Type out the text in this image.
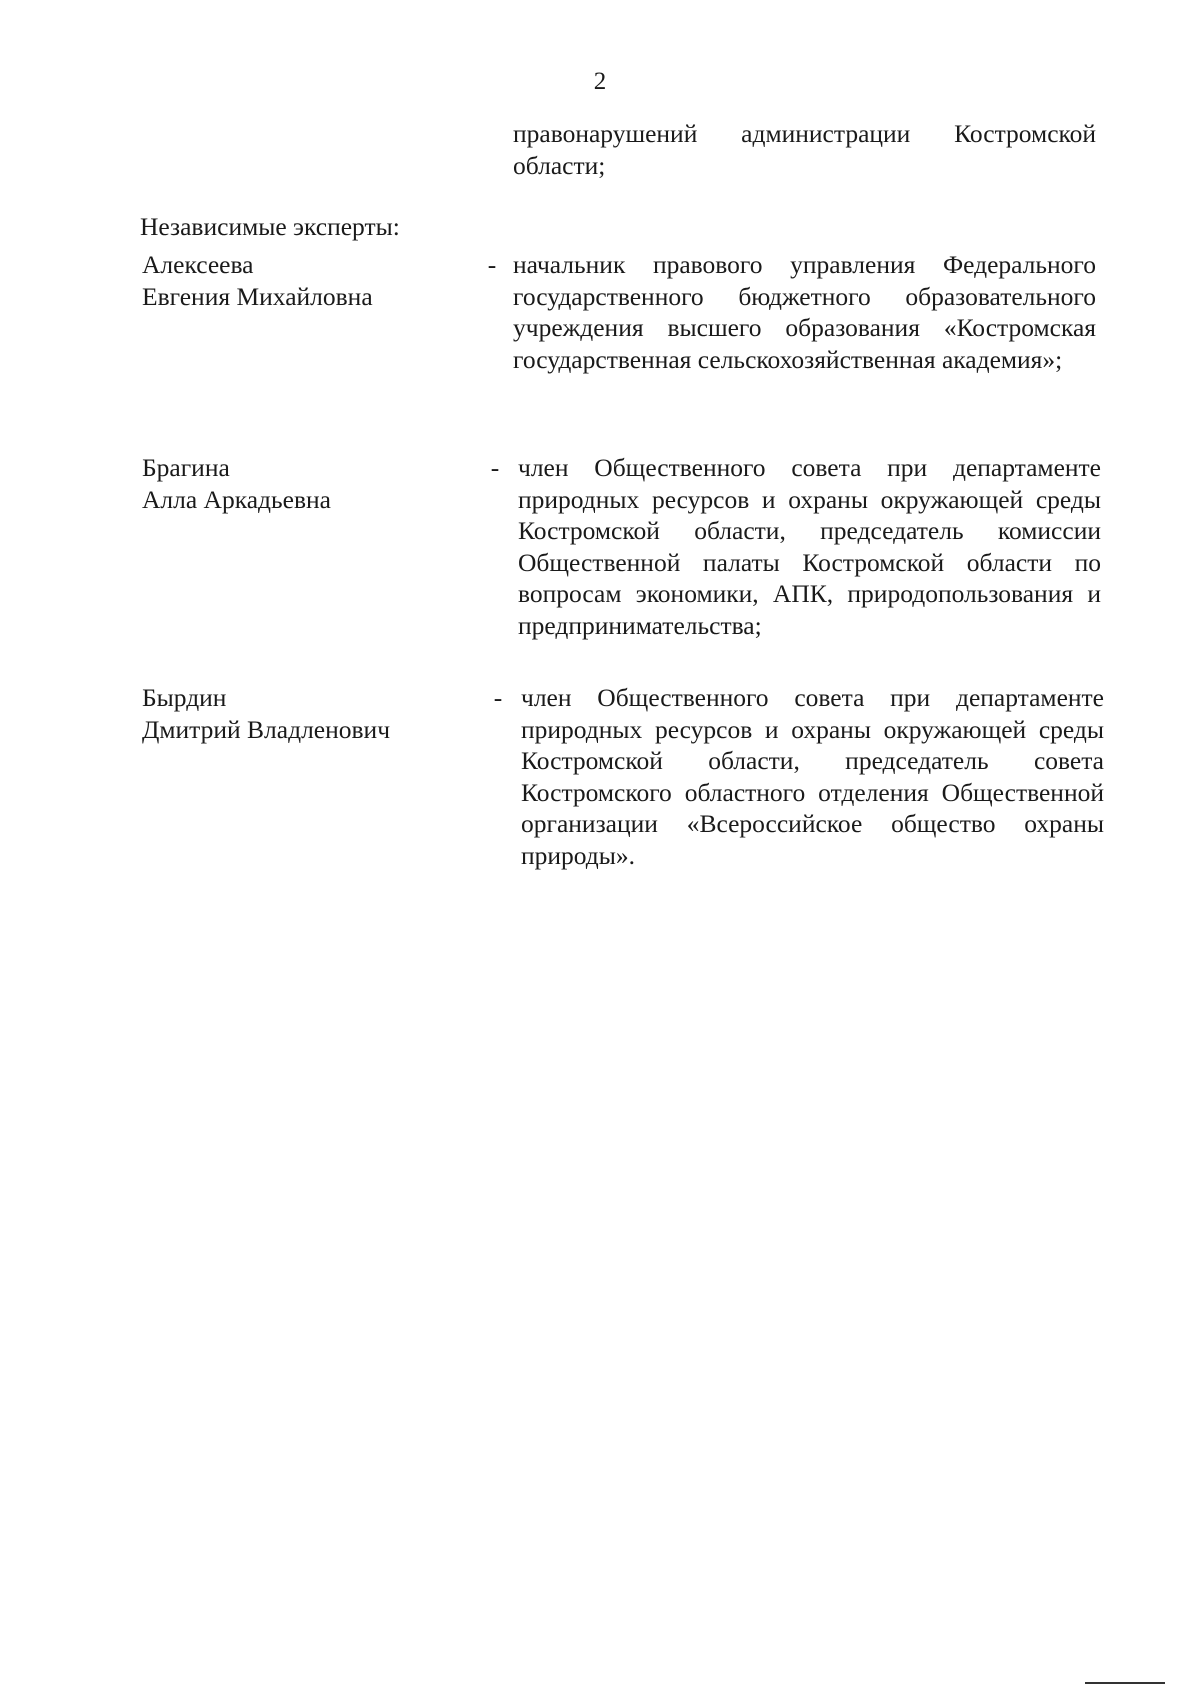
2
правонарушений администрации Костромской области;
Независимые эксперты:
Алексеева
Евгения Михайловна
- начальник правового управления Федерального государственного бюджетного образовательного учреждения высшего образования «Костромская государственная сельскохозяйственная академия»;
Брагина
Алла Аркадьевна
- член Общественного совета при департаменте природных ресурсов и охраны окружающей среды Костромской области, председатель комиссии Общественной палаты Костромской области по вопросам экономики, АПК, природопользования и предпринимательства;
Бырдин
Дмитрий Владленович
- член Общественного совета при департаменте природных ресурсов и охраны окружающей среды Костромской области, председатель совета Костромского областного отделения Общественной организации «Всероссийское общество охраны природы».
